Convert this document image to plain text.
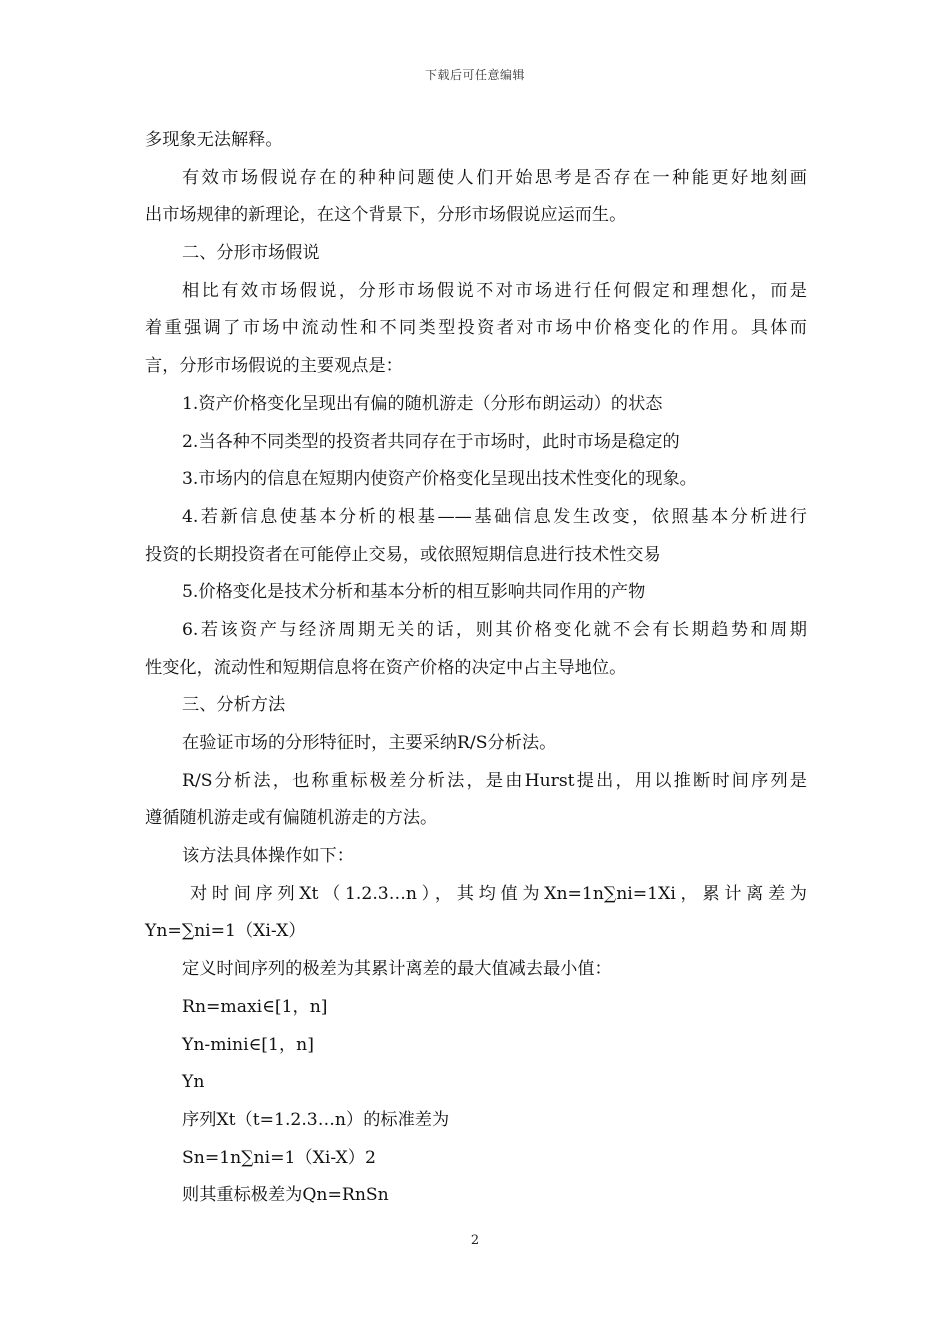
下载后可任意编辑
多现象无法解释。
有效市场假说存在的种种问题使人们开始思考是否存在一种能更好地刻画
出市场规律的新理论，在这个背景下，分形市场假说应运而生。
二、分形市场假说
相比有效市场假说，分形市场假说不对市场进行任何假定和理想化，而是
着重强调了市场中流动性和不同类型投资者对市场中价格变化的作用。具体而
言，分形市场假说的主要观点是：
1.资产价格变化呈现出有偏的随机游走（分形布朗运动）的状态
2.当各种不同类型的投资者共同存在于市场时，此时市场是稳定的
3.市场内的信息在短期内使资产价格变化呈现出技术性变化的现象。
4.若新信息使基本分析的根基——基础信息发生改变，依照基本分析进行
投资的长期投资者在可能停止交易，或依照短期信息进行技术性交易
5.价格变化是技术分析和基本分析的相互影响共同作用的产物
6.若该资产与经济周期无关的话，则其价格变化就不会有长期趋势和周期
性变化，流动性和短期信息将在资产价格的决定中占主导地位。
三、分析方法
在验证市场的分形特征时，主要采纳R/S分析法。
R/S分析法，也称重标极差分析法，是由Hurst提出，用以推断时间序列是
遵循随机游走或有偏随机游走的方法。
该方法具体操作如下：
对时间序列Xt（1.2.3…n），其均值为Xn=1n∑ni=1Xi，累计离差为
Yn=∑ni=1（Xi-X）
定义时间序列的极差为其累计离差的最大值减去最小值：
Rn=maxi∈[1，n]
Yn-mini∈[1，n]
Yn
序列Xt（t=1.2.3…n）的标准差为
Sn=1n∑ni=1（Xi-X）2
则其重标极差为Qn=RnSn
2
